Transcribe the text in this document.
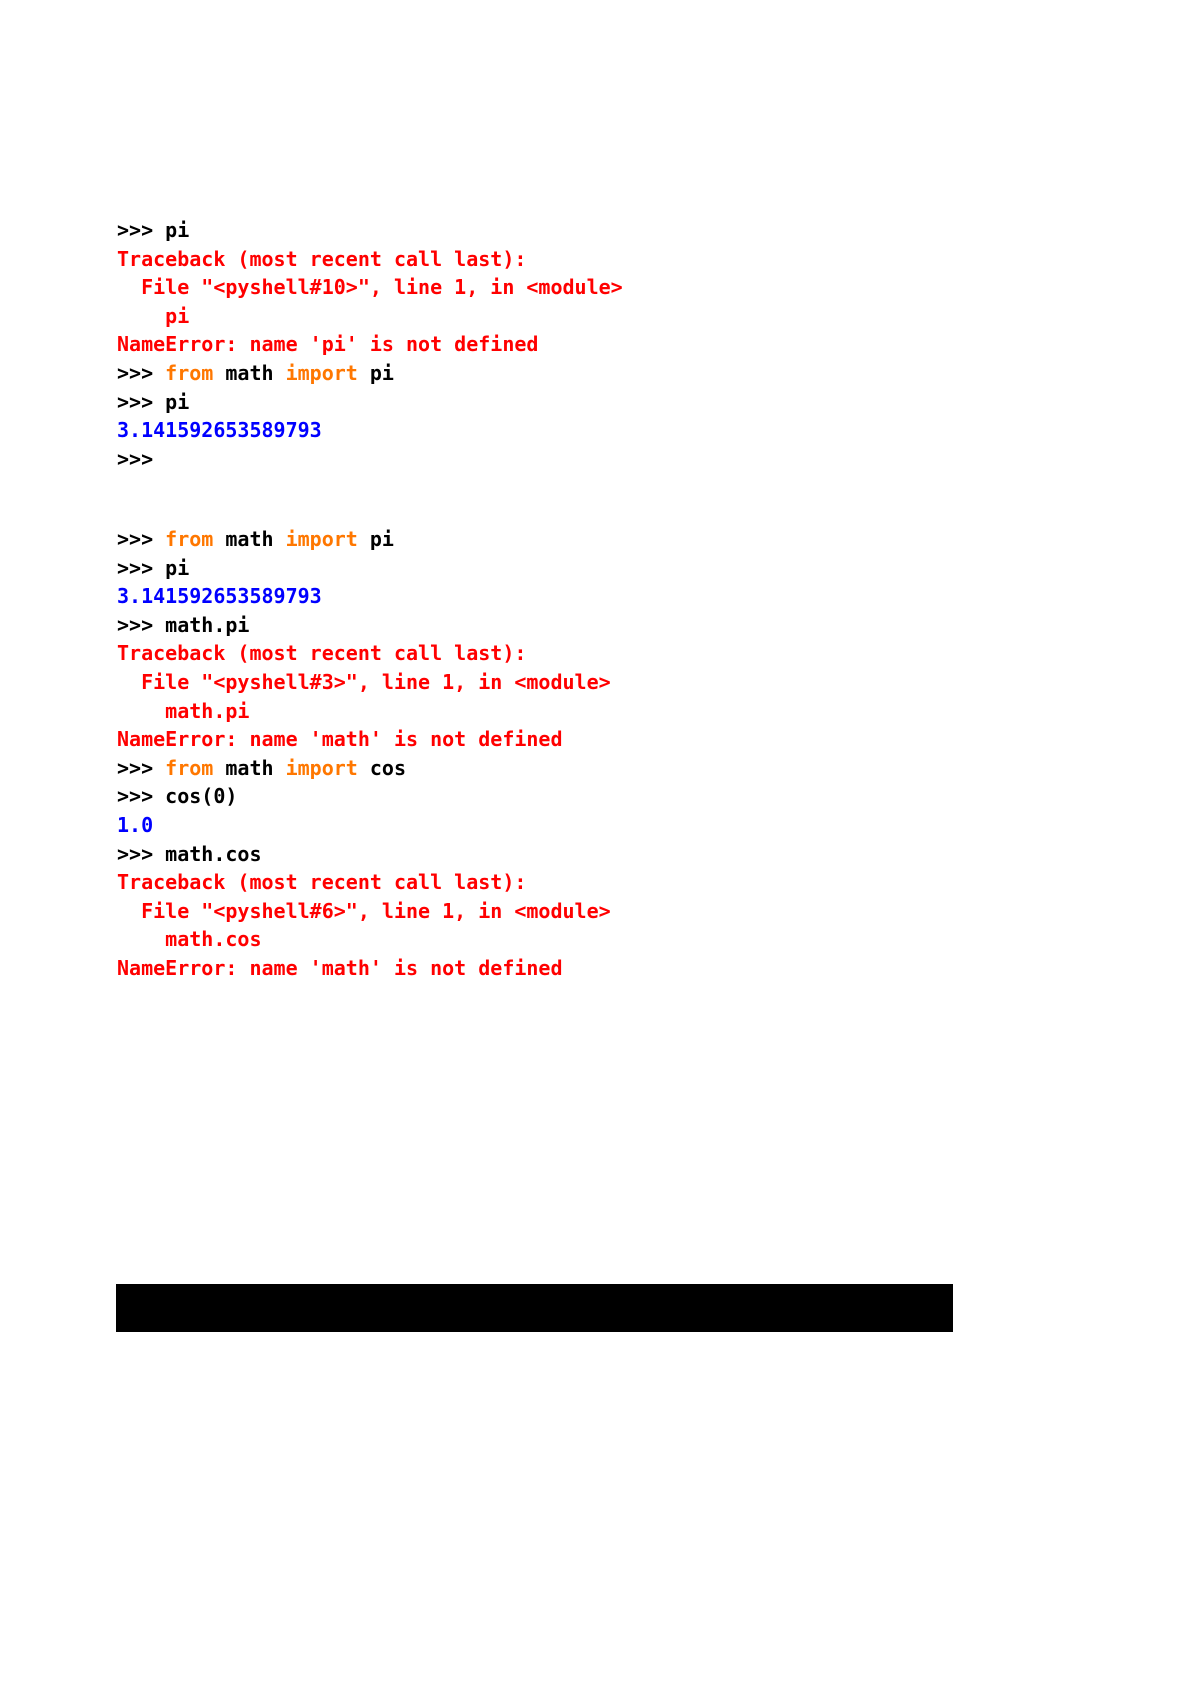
>>> pi
Traceback (most recent call last):
File "<pyshell#10>", line 1, in <module>
pi
NameError: name 'pi' is not defined
>>> from math import pi
>>> pi
3.141592653589793
>>>
>>> from math import pi
>>> pi
3.141592653589793
>>> math.pi
Traceback (most recent call last):
File "<pyshell#3>", line 1, in <module>
math.pi
NameError: name 'math' is not defined
>>> from math import cos
>>> cos(0)
1.0
>>> math.cos
Traceback (most recent call last):
File "<pyshell#6>", line 1, in <module>
math.cos
NameError: name 'math' is not defined

C:\Users\98151\Desktop\My Code\Python3>python test.py arg1 arg2 arg3
